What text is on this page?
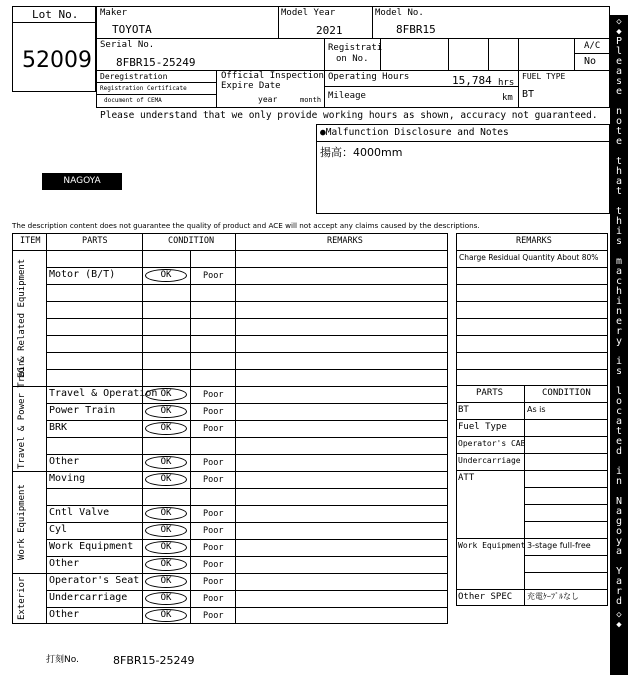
Lot No.
52009
Maker
TOYOTA
Model Year
2021
Model No.
8FBR15
Serial No.
8FBR15-25249
Registrati
on No.
A/C
No
Deregistration
Registration Certificate
document of CEMA
Official Inspection
Expire Date
year	month
Operating Hours	15,784 hrs
Mileage	km
FUEL TYPE
BT
Please understand that we only provide working hours as shown, accuracy not guaranteed.
●Malfunction Disclosure and Notes
揚高：4000mm
NAGOYA
The description content does not guarantee the quality of product and ACE will not accept any claims caused by the descriptions.
ITEM	PARTS	CONDITION	REMARKS
EG & Related Equipment	Motor (B/T)	OK	Poor
Travel & Power Train	Travel & Operation OK	Poor
Power Train	OK	Poor
BRK	OK	Poor
Other	OK	Poor
Work Equipment
Moving	OK	Poor
Cntl Valve	OK	Poor
Cyl	OK	Poor
Work Equipment	OK	Poor
Other	OK	Poor
Exterior	Operator's Seat	OK	Poor
Undercarriage	OK	Poor
Other	OK	Poor
REMARKS
Charge Residual Quantity About 80%
PARTS	CONDITION
BT	As is
Fuel Type
Operator's CAB
Undercarriage
ATT
Work Equipment 3-stage full-free
Other SPEC 充電ｹｰﾌﾞﾙなし
◇
◆
P
l
e
a
s
e
n
o
t
e
t
h
a
t
t
h
i
s
m
a
c
h
i
n
e
r
y
i
s
l
o
c
a
t
e
d
i
n
N
a
g
o
y
a
Y
a
r
d
◇
◆
打刻No.	8FBR15-25249
